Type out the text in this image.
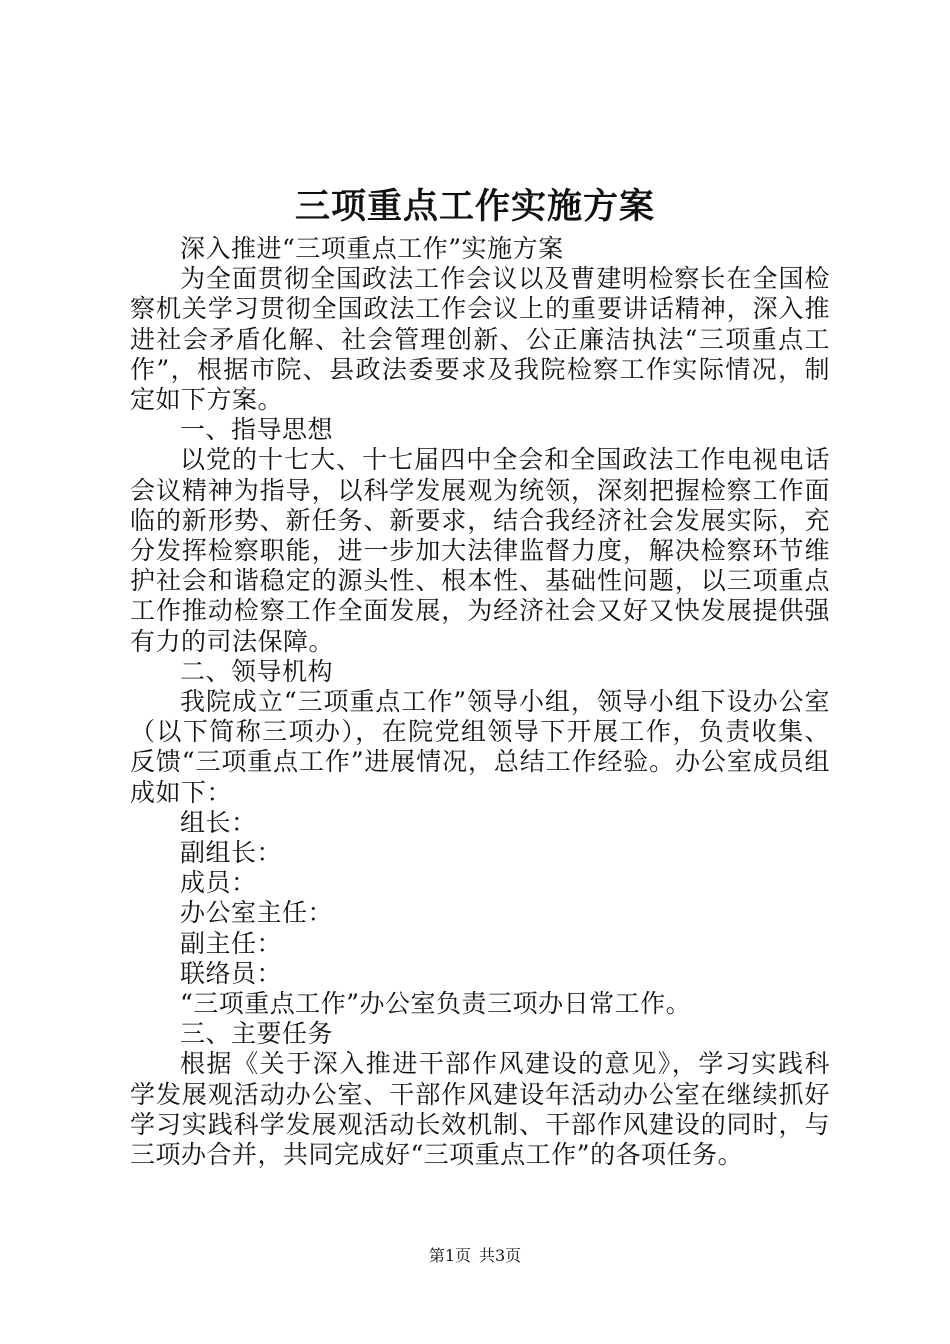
三项重点工作实施方案

深入推进“三项重点工作”实施方案

为全面贯彻全国政法工作会议以及曹建明检察长在全国检察机关学习贯彻全国政法工作会议上的重要讲话精神，深入推进社会矛盾化解、社会管理创新、公正廉洁执法“三项重点工作”，根据市院、县政法委要求及我院检察工作实际情况，制定如下方案。

一、指导思想

以党的十七大、十七届四中全会和全国政法工作电视电话会议精神为指导，以科学发展观为统领，深刻把握检察工作面临的新形势、新任务、新要求，结合我经济社会发展实际，充分发挥检察职能，进一步加大法律监督力度，解决检察环节维护社会和谐稳定的源头性、根本性、基础性问题，以三项重点工作推动检察工作全面发展，为经济社会又好又快发展提供强有力的司法保障。

二、领导机构

我院成立“三项重点工作”领导小组，领导小组下设办公室（以下简称三项办），在院党组领导下开展工作，负责收集、反馈“三项重点工作”进展情况，总结工作经验。办公室成员组成如下：

组长：

副组长：

成员：

办公室主任：

副主任：

联络员：

“三项重点工作”办公室负责三项办日常工作。

三、主要任务

根据《关于深入推进干部作风建设的意见》，学习实践科学发展观活动办公室、干部作风建设年活动办公室在继续抓好学习实践科学发展观活动长效机制、干部作风建设的同时，与三项办合并，共同完成好“三项重点工作”的各项任务。

第1页 共3页
